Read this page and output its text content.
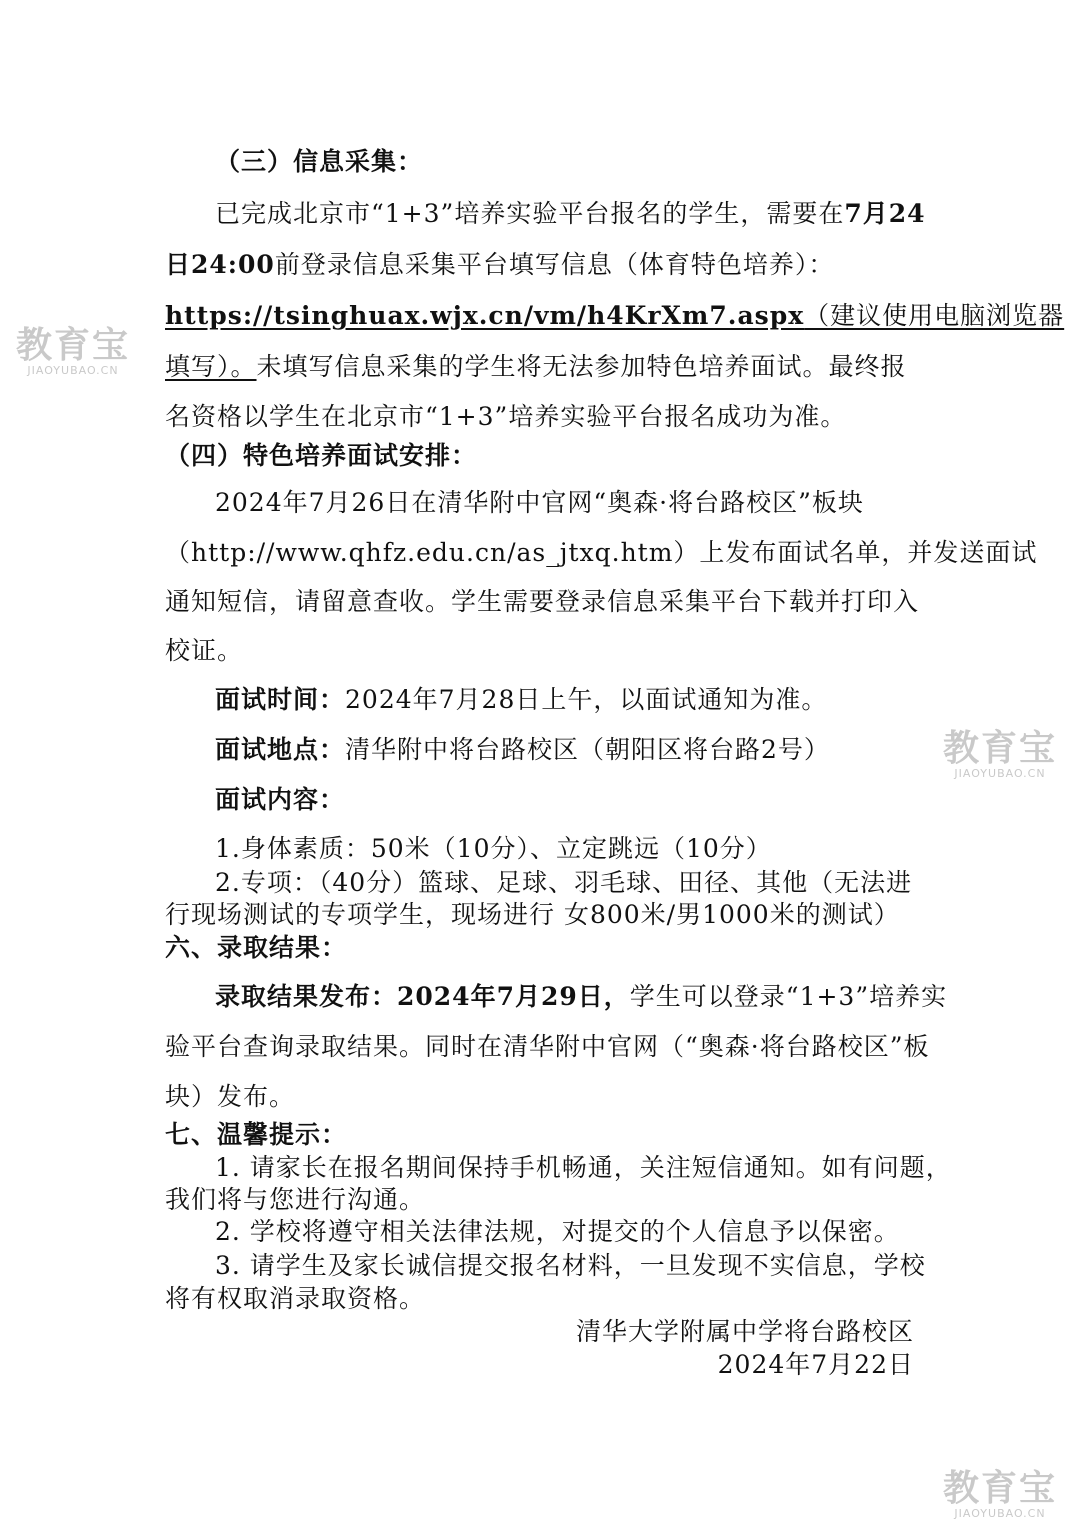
（三）信息采集：
已完成北京市“1+3”培养实验平台报名的学生，需要在7月24
日24:00前登录信息采集平台填写信息（体育特色培养）：
https://tsinghuax.wjx.cn/vm/h4KrXm7.aspx（建议使用电脑浏览器
填写）。未填写信息采集的学生将无法参加特色培养面试。最终报
名资格以学生在北京市“1+3”培养实验平台报名成功为准。
（四）特色培养面试安排：
2024年7月26日在清华附中官网“奥森·将台路校区”板块
（http://www.qhfz.edu.cn/as_jtxq.htm）上发布面试名单，并发送面试
通知短信，请留意查收。学生需要登录信息采集平台下载并打印入
校证。
面试时间：2024年7月28日上午，以面试通知为准。
面试地点：清华附中将台路校区（朝阳区将台路2号）
面试内容：
1.身体素质：50米（10分）、立定跳远（10分）
2.专项：（40分）篮球、足球、羽毛球、田径、其他（无法进
行现场测试的专项学生，现场进行 女800米/男1000米的测试）
六、录取结果：
录取结果发布：2024年7月29日，学生可以登录“1+3”培养实
验平台查询录取结果。同时在清华附中官网（“奥森·将台路校区”板
块）发布。
七、温馨提示：
1. 请家长在报名期间保持手机畅通，关注短信通知。如有问题，
我们将与您进行沟通。
2. 学校将遵守相关法律法规，对提交的个人信息予以保密。
3. 请学生及家长诚信提交报名材料，一旦发现不实信息，学校
将有权取消录取资格。
清华大学附属中学将台路校区
2024年7月22日
教育宝
JIAOYUBAO.CN
教育宝
JIAOYUBAO.CN
教育宝
JIAOYUBAO.CN
